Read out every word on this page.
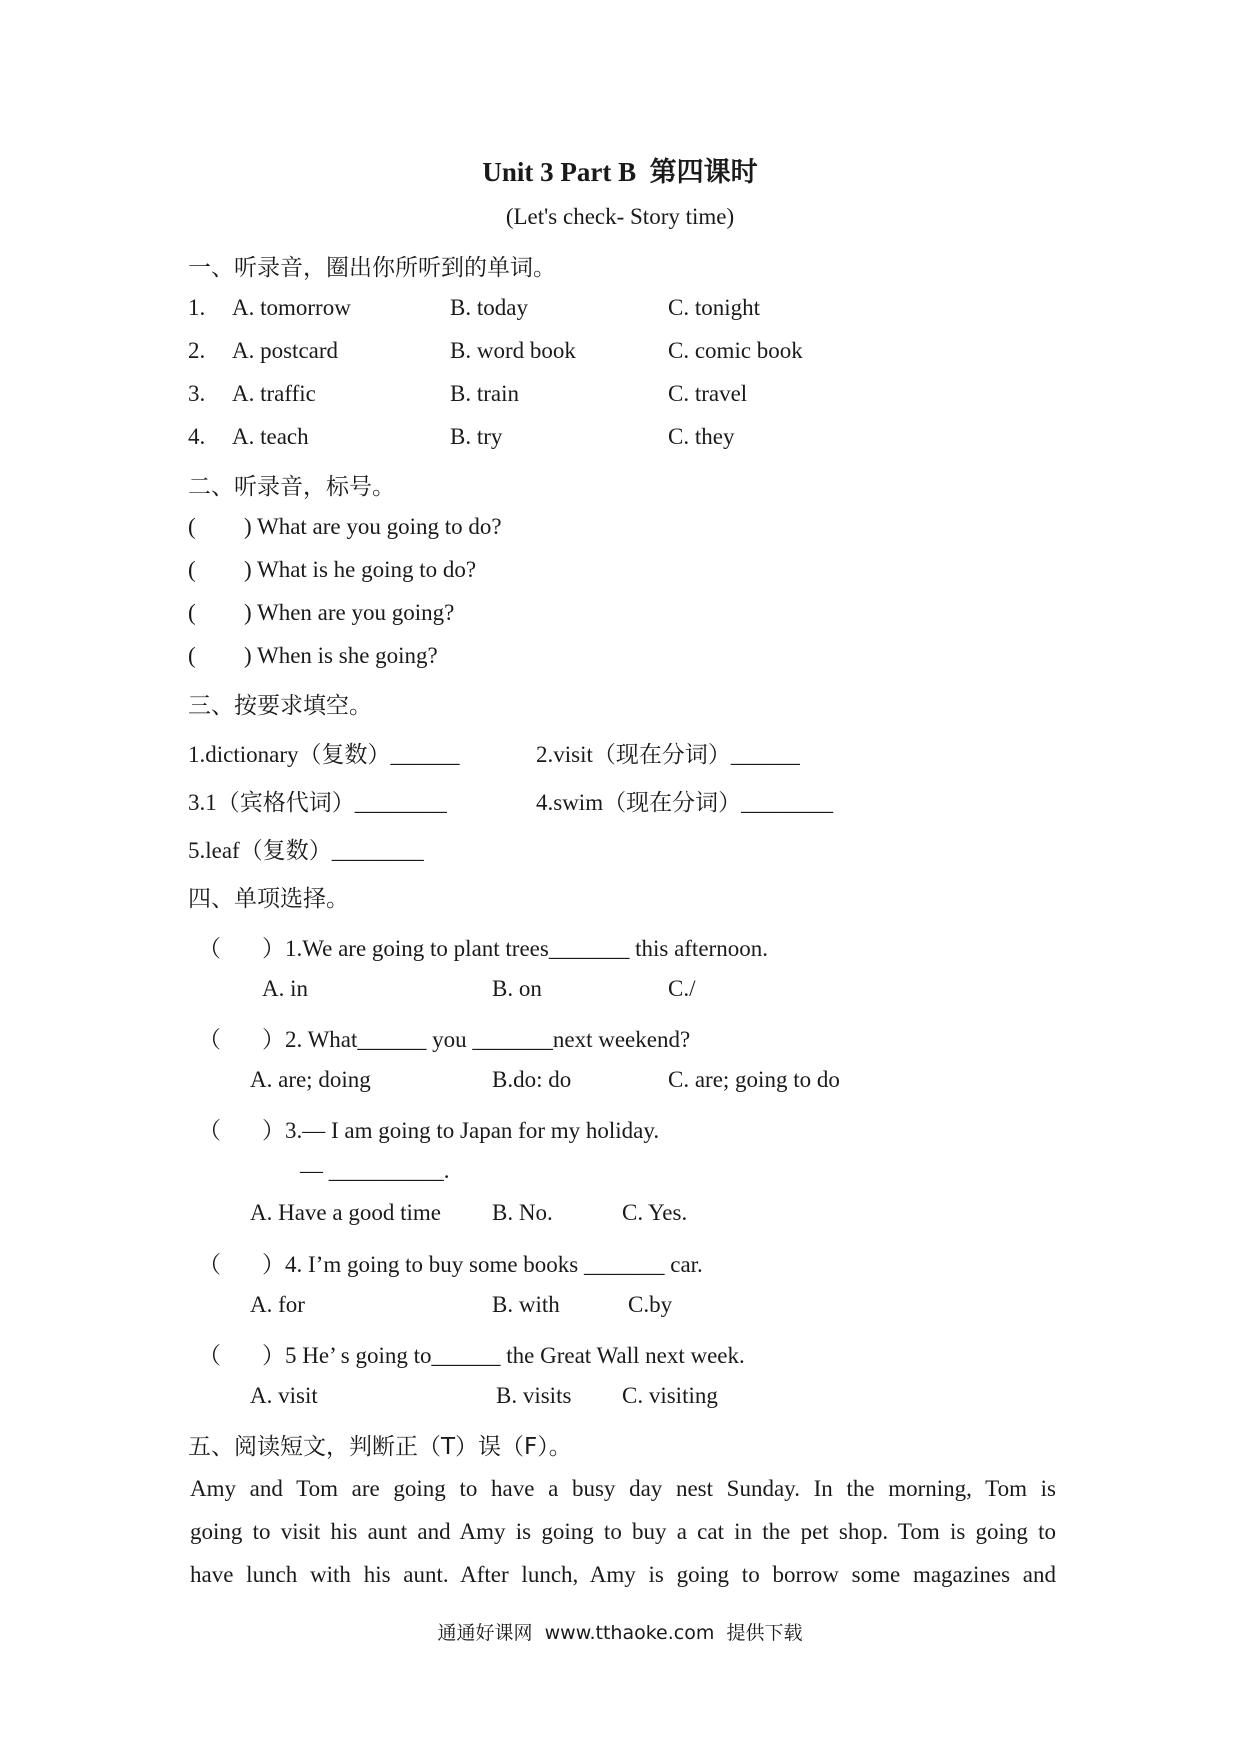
Unit 3 Part B  第四课时
(Let's check- Story time)
一、听录音，圈出你所听到的单词。
1. A. tomorrow	B. today	C. tonight
2. A. postcard	B. word book	C. comic book
3. A. traffic	B. train	C. travel
4. A. teach	B. try	C. they
二、听录音，标号。
( ) What are you going to do?
( ) What is he going to do?
( ) When are you going?
( ) When is she going?
三、按要求填空。
1.dictionary（复数）______	2.visit（现在分词）______
3.1（宾格代词）________	4.swim（现在分词）________
5.leaf（复数）________
四、单项选择。
（ ）1.We are going to plant trees_______ this afternoon.
A. in	B. on	C./
（ ）2. What______ you _______next weekend?
A. are; doing	B.do: do	C. are; going to do
（ ）3.— I am going to Japan for my holiday.
— __________.
A. Have a good time B. No.	C. Yes.
（ ）4. I’m going to buy some books _______ car.
A. for	B. with	C.by
（ ）5 He’ s going to______ the Great Wall next week.
A. visit	B. visits C. visiting
五、阅读短文，判断正（T）误（F）。
Amy and Tom are going to have a busy day nest Sunday. In the morning, Tom is
going to visit his aunt and Amy is going to buy a cat in the pet shop. Tom is going to
have lunch with his aunt. After lunch, Amy is going to borrow some magazines and
通通好课网  www.tthaoke.com  提供下载
